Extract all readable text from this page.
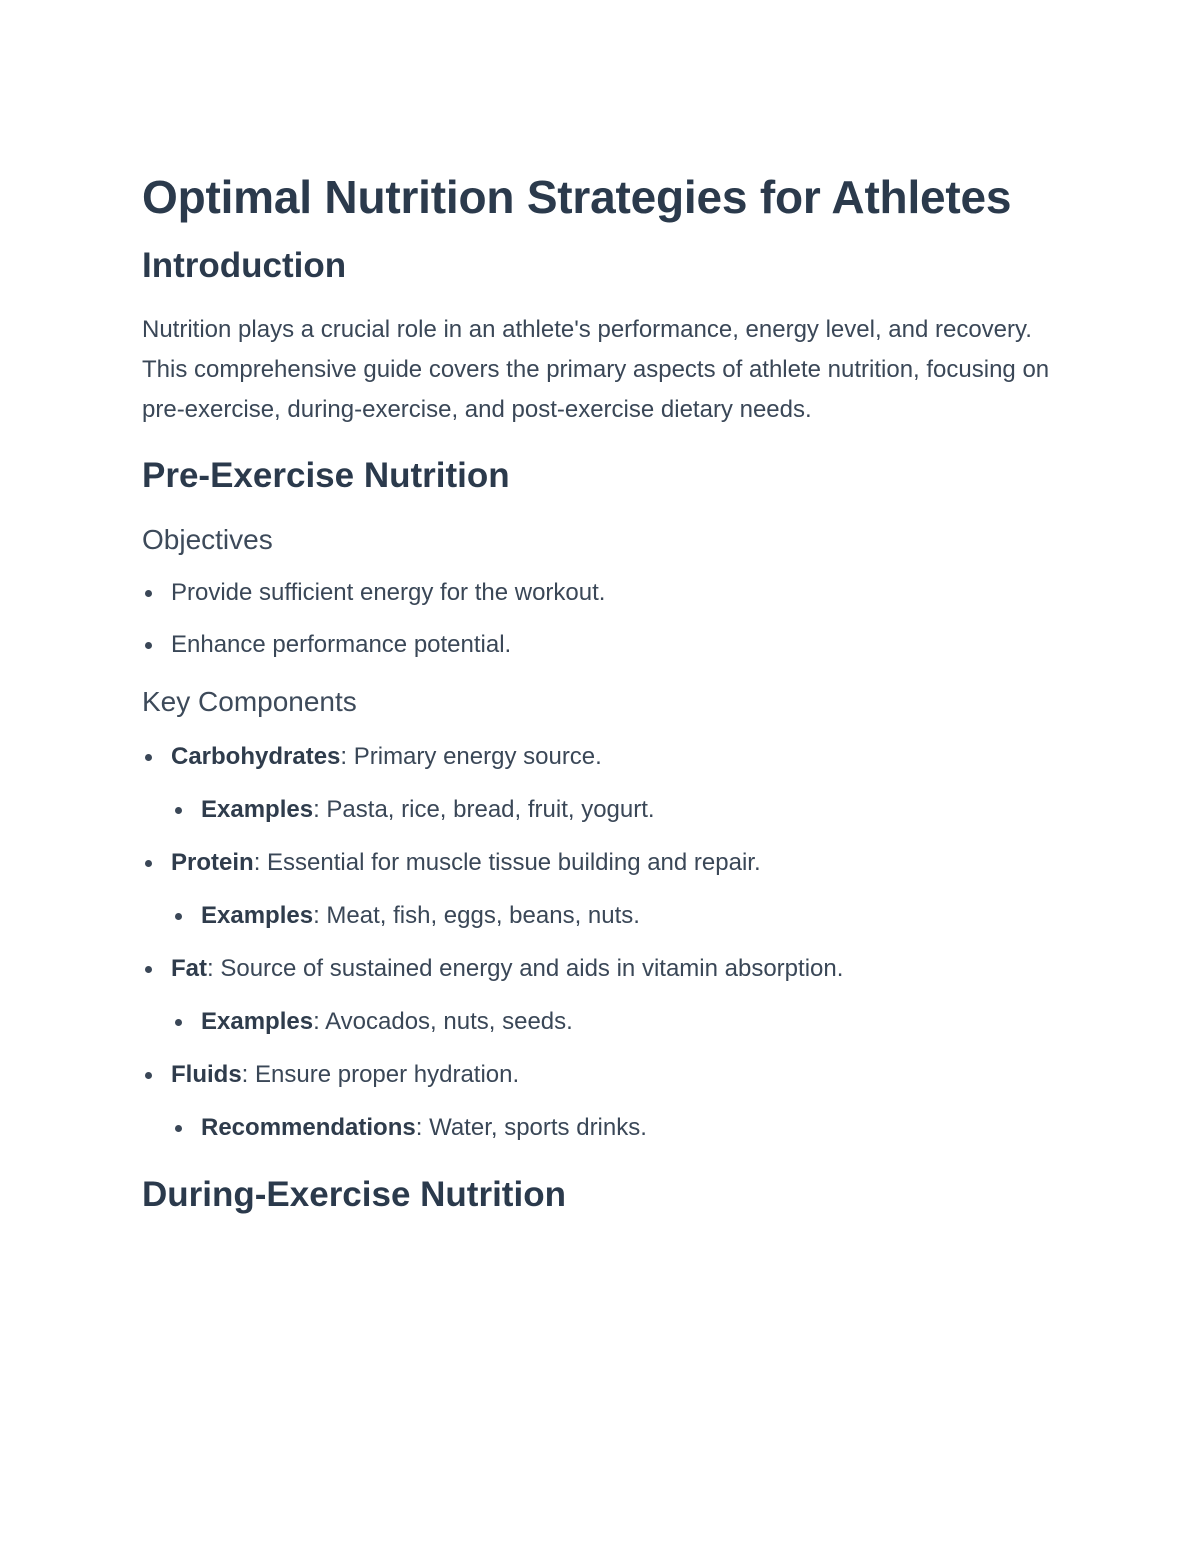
Optimal Nutrition Strategies for Athletes
Introduction

Nutrition plays a crucial role in an athlete's performance, energy level, and recovery. This comprehensive guide covers the primary aspects of athlete nutrition, focusing on pre-exercise, during-exercise, and post-exercise dietary needs.

Pre-Exercise Nutrition
Objectives
Provide sufficient energy for the workout.
Enhance performance potential.
Key Components
Carbohydrates: Primary energy source.
Examples: Pasta, rice, bread, fruit, yogurt.
Protein: Essential for muscle tissue building and repair.
Examples: Meat, fish, eggs, beans, nuts.
Fat: Source of sustained energy and aids in vitamin absorption.
Examples: Avocados, nuts, seeds.
Fluids: Ensure proper hydration.
Recommendations: Water, sports drinks.
During-Exercise Nutrition
